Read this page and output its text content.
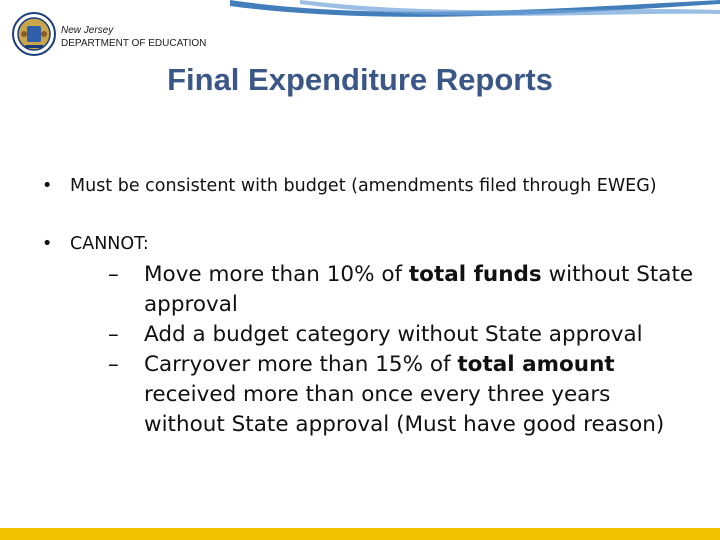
New Jersey
DEPARTMENT OF EDUCATION
Final Expenditure Reports
• Must be consistent with budget (amendments filed through EWEG)
• CANNOT:
– Move more than 10% of total funds without State approval
– Add a budget category without State approval
– Carryover more than 15% of total amount received more than once every three years without State approval (Must have good reason)
